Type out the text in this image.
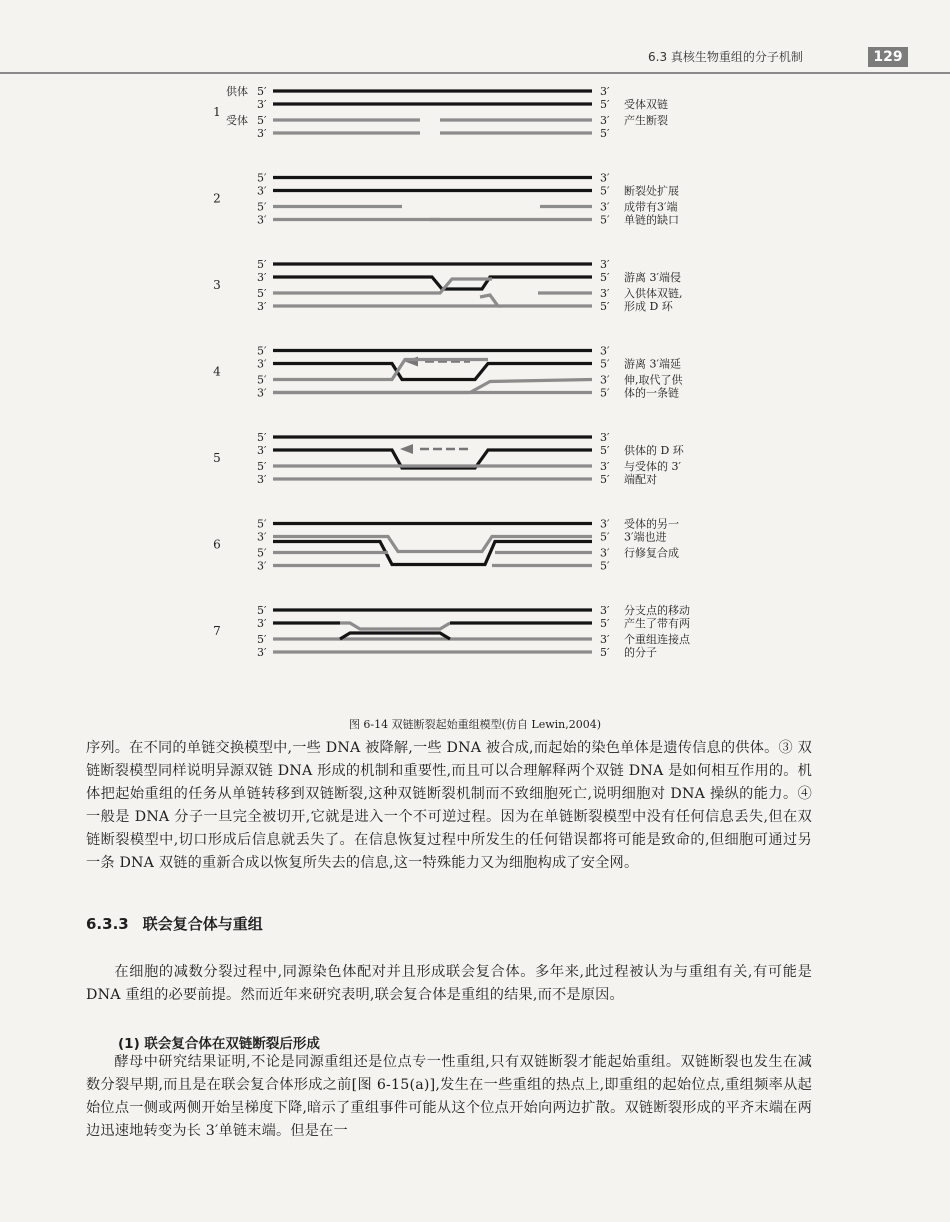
6.3 真核生物重组的分子机制	129
1
供体
受体
5′
3′
5′
3′
3′
5′
3′
5′
受体双链
产生断裂
2
5′
3′
5′
3′
3′
5′
3′
5′
断裂处扩展
成带有3′端
单链的缺口
3
5′
3′
5′
3′
3′
5′
3′
5′
游离 3′端侵
入供体双链,
形成 D 环
4
5′
3′
5′
3′
3′
5′
3′
5′
游离 3′端延
伸,取代了供
体的一条链
5
5′
3′
5′
3′
3′
5′
3′
5′
供体的 D 环
与受体的 3′
端配对
6
5′
3′
5′
3′
3′
5′
3′
5′
受体的另一
3′端也进
行修复合成
7
5′
3′
5′
3′
3′
5′
3′
5′
分支点的移动
产生了带有两
个重组连接点
的分子
图 6-14 双链断裂起始重组模型(仿自 Lewin,2004)
序列。在不同的单链交换模型中,一些 DNA 被降解,一些 DNA 被合成,而起始的染色单体是遗传信息的供体。③ 双链断裂模型同样说明异源双链 DNA 形成的机制和重要性,而且可以合理解释两个双链 DNA 是如何相互作用的。机体把起始重组的任务从单链转移到双链断裂,这种双链断裂机制而不致细胞死亡,说明细胞对 DNA 操纵的能力。④ 一般是 DNA 分子一旦完全被切开,它就是进入一个不可逆过程。因为在单链断裂模型中没有任何信息丢失,但在双链断裂模型中,切口形成后信息就丢失了。在信息恢复过程中所发生的任何错误都将可能是致命的,但细胞可通过另一条 DNA 双链的重新合成以恢复所失去的信息,这一特殊能力又为细胞构成了安全网。
6.3.3 联会复合体与重组
在细胞的减数分裂过程中,同源染色体配对并且形成联会复合体。多年来,此过程被认为与重组有关,有可能是 DNA 重组的必要前提。然而近年来研究表明,联会复合体是重组的结果,而不是原因。
(1) 联会复合体在双链断裂后形成
酵母中研究结果证明,不论是同源重组还是位点专一性重组,只有双链断裂才能起始重组。双链断裂也发生在减数分裂早期,而且是在联会复合体形成之前[图 6-15(a)],发生在一些重组的热点上,即重组的起始位点,重组频率从起始位点一侧或两侧开始呈梯度下降,暗示了重组事件可能从这个位点开始向两边扩散。双链断裂形成的平齐末端在两边迅速地转变为长 3′单链末端。但是在一
